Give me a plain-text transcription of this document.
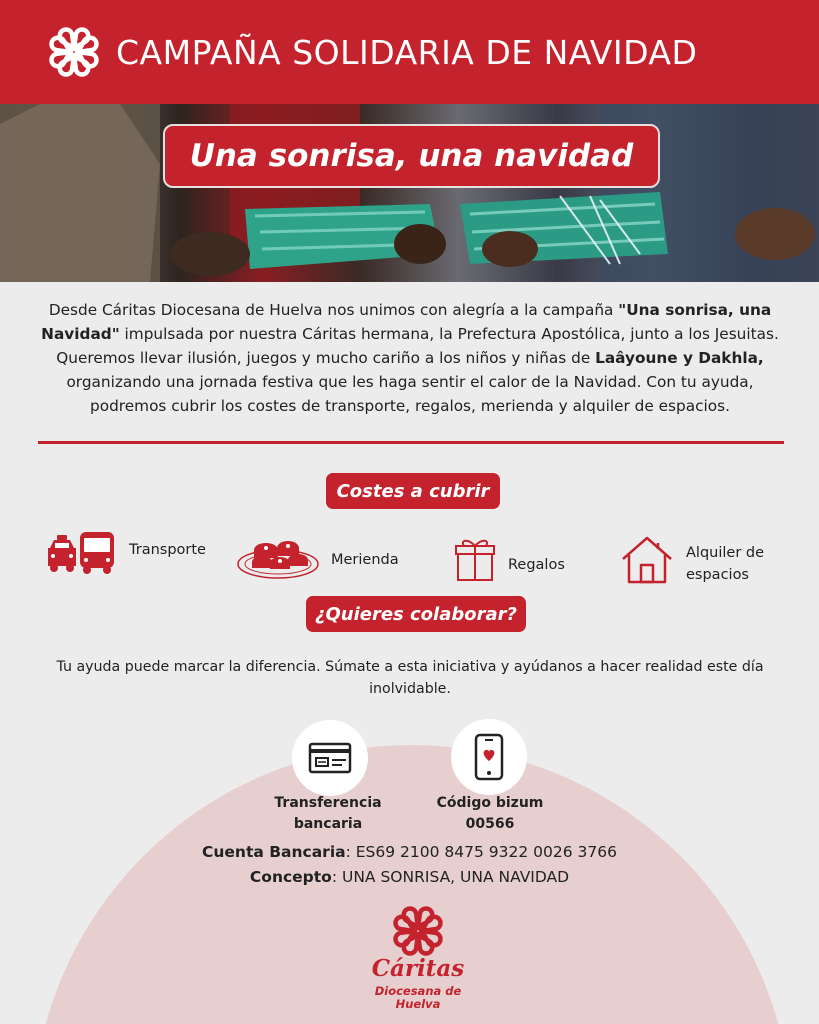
CAMPAÑA SOLIDARIA DE NAVIDAD
Una sonrisa, una navidad
Desde Cáritas Diocesana de Huelva nos unimos con alegría a la campaña "Una sonrisa, una Navidad" impulsada por nuestra Cáritas hermana, la Prefectura Apostólica, junto a los Jesuitas. Queremos llevar ilusión, juegos y mucho cariño a los niños y niñas de Laâyoune y Dakhla, organizando una jornada festiva que les haga sentir el calor de la Navidad. Con tu ayuda, podremos cubrir los costes de transporte, regalos, merienda y alquiler de espacios.
Costes a cubrir
Transporte
Merienda	Regalos
Alquiler de
espacios
¿Quieres colaborar?
Tu ayuda puede marcar la diferencia. Súmate a esta iniciativa y ayúdanos a hacer realidad este día inolvidable.
Transferencia
bancaria
Código bizum
00566
Cuenta Bancaria: ES69 2100 8475 9322 0026 3766
Concepto: UNA SONRISA, UNA NAVIDAD
Cáritas
Diocesana de
Huelva
